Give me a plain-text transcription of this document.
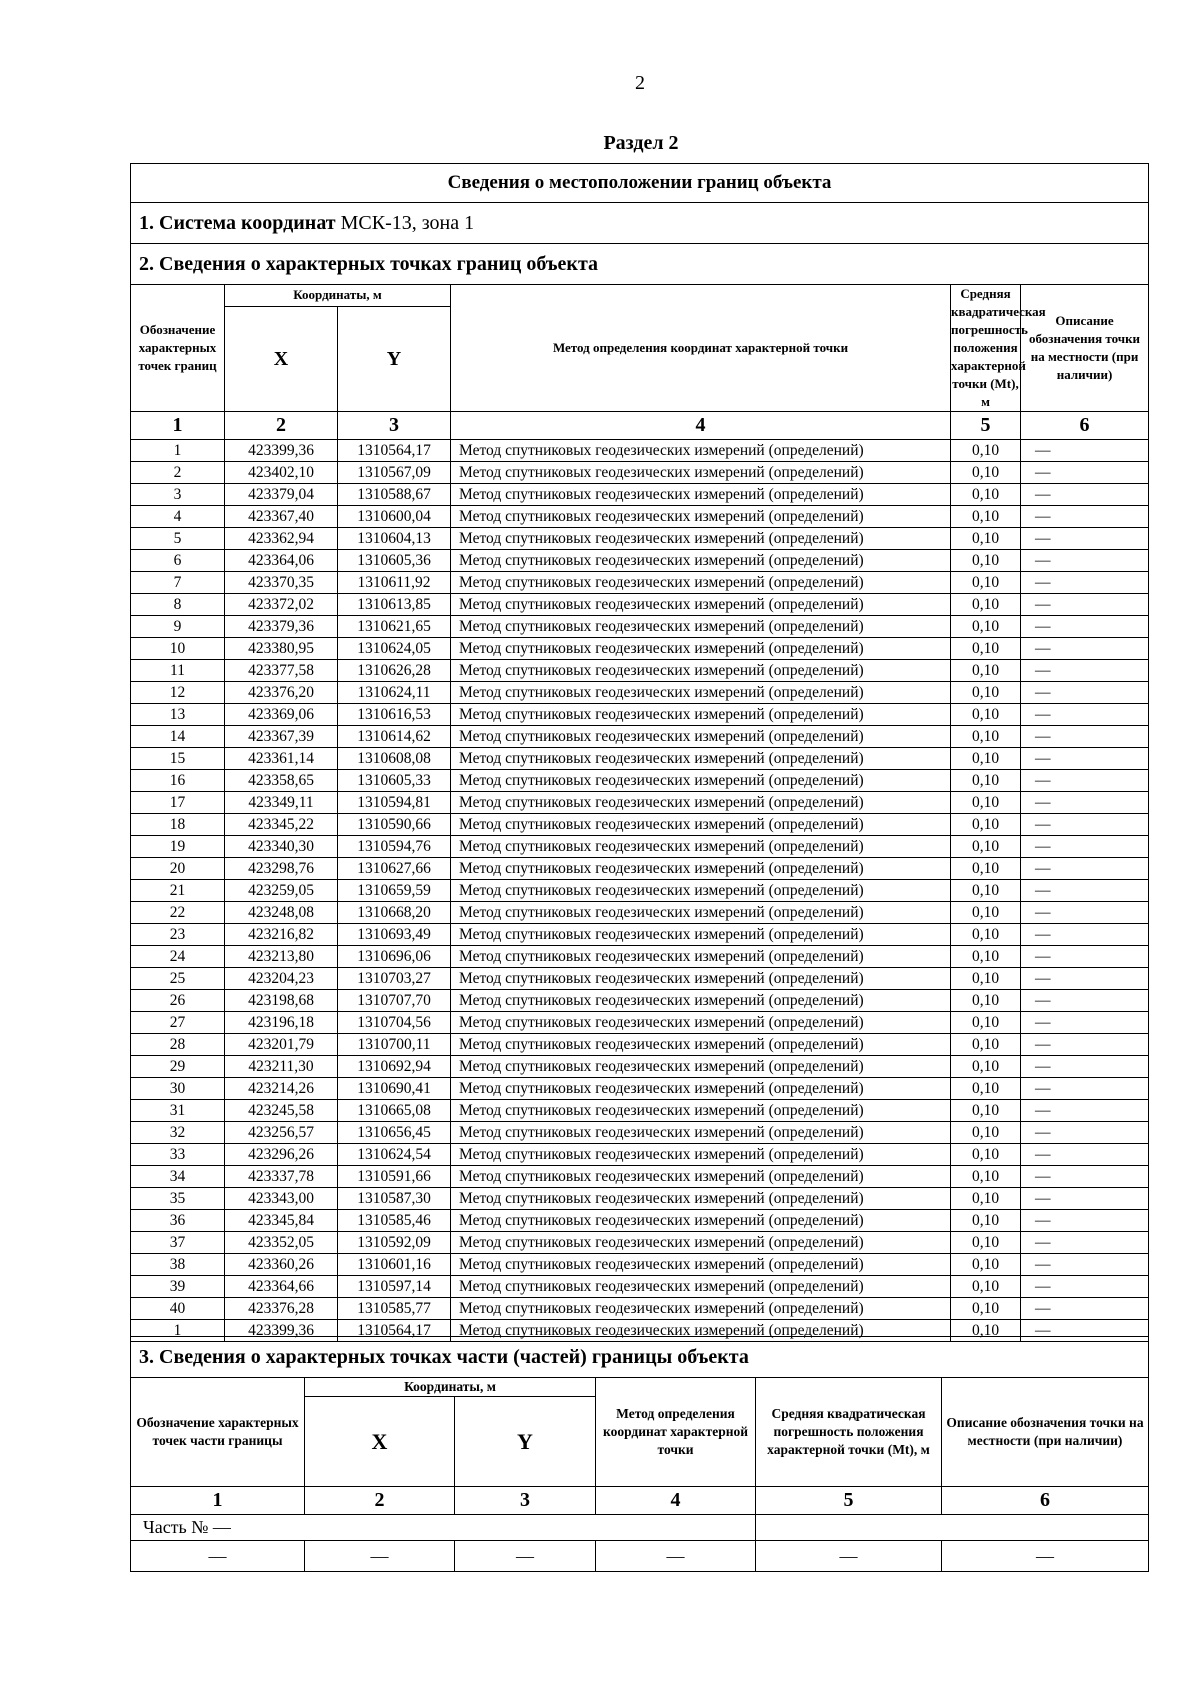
2
Раздел 2
Сведения о местоположении границ объекта					
1. Система координат МСК-13, зона 1					
2. Сведения о характерных точках границ объекта					
Обозначение характерных точек границ	Координаты, м		Метод определения координат характерной точки	Средняя квадратическая погрешность положения характерной точки (Mt), м	Описание обозначения точки на местности (при наличии)
	X	Y			
1	2	3	4	5	6
1	423399,36	1310564,17	Метод спутниковых геодезических измерений (определений)	0,10	—
2	423402,10	1310567,09	Метод спутниковых геодезических измерений (определений)	0,10	—
3	423379,04	1310588,67	Метод спутниковых геодезических измерений (определений)	0,10	—
4	423367,40	1310600,04	Метод спутниковых геодезических измерений (определений)	0,10	—
5	423362,94	1310604,13	Метод спутниковых геодезических измерений (определений)	0,10	—
6	423364,06	1310605,36	Метод спутниковых геодезических измерений (определений)	0,10	—
7	423370,35	1310611,92	Метод спутниковых геодезических измерений (определений)	0,10	—
8	423372,02	1310613,85	Метод спутниковых геодезических измерений (определений)	0,10	—
9	423379,36	1310621,65	Метод спутниковых геодезических измерений (определений)	0,10	—
10	423380,95	1310624,05	Метод спутниковых геодезических измерений (определений)	0,10	—
11	423377,58	1310626,28	Метод спутниковых геодезических измерений (определений)	0,10	—
12	423376,20	1310624,11	Метод спутниковых геодезических измерений (определений)	0,10	—
13	423369,06	1310616,53	Метод спутниковых геодезических измерений (определений)	0,10	—
14	423367,39	1310614,62	Метод спутниковых геодезических измерений (определений)	0,10	—
15	423361,14	1310608,08	Метод спутниковых геодезических измерений (определений)	0,10	—
16	423358,65	1310605,33	Метод спутниковых геодезических измерений (определений)	0,10	—
17	423349,11	1310594,81	Метод спутниковых геодезических измерений (определений)	0,10	—
18	423345,22	1310590,66	Метод спутниковых геодезических измерений (определений)	0,10	—
19	423340,30	1310594,76	Метод спутниковых геодезических измерений (определений)	0,10	—
20	423298,76	1310627,66	Метод спутниковых геодезических измерений (определений)	0,10	—
21	423259,05	1310659,59	Метод спутниковых геодезических измерений (определений)	0,10	—
22	423248,08	1310668,20	Метод спутниковых геодезических измерений (определений)	0,10	—
23	423216,82	1310693,49	Метод спутниковых геодезических измерений (определений)	0,10	—
24	423213,80	1310696,06	Метод спутниковых геодезических измерений (определений)	0,10	—
25	423204,23	1310703,27	Метод спутниковых геодезических измерений (определений)	0,10	—
26	423198,68	1310707,70	Метод спутниковых геодезических измерений (определений)	0,10	—
27	423196,18	1310704,56	Метод спутниковых геодезических измерений (определений)	0,10	—
28	423201,79	1310700,11	Метод спутниковых геодезических измерений (определений)	0,10	—
29	423211,30	1310692,94	Метод спутниковых геодезических измерений (определений)	0,10	—
30	423214,26	1310690,41	Метод спутниковых геодезических измерений (определений)	0,10	—
31	423245,58	1310665,08	Метод спутниковых геодезических измерений (определений)	0,10	—
32	423256,57	1310656,45	Метод спутниковых геодезических измерений (определений)	0,10	—
33	423296,26	1310624,54	Метод спутниковых геодезических измерений (определений)	0,10	—
34	423337,78	1310591,66	Метод спутниковых геодезических измерений (определений)	0,10	—
35	423343,00	1310587,30	Метод спутниковых геодезических измерений (определений)	0,10	—
36	423345,84	1310585,46	Метод спутниковых геодезических измерений (определений)	0,10	—
37	423352,05	1310592,09	Метод спутниковых геодезических измерений (определений)	0,10	—
38	423360,26	1310601,16	Метод спутниковых геодезических измерений (определений)	0,10	—
39	423364,66	1310597,14	Метод спутниковых геодезических измерений (определений)	0,10	—
40	423376,28	1310585,77	Метод спутниковых геодезических измерений (определений)	0,10	—
1	423399,36	1310564,17	Метод спутниковых геодезических измерений (определений)	0,10	—
3. Сведения о характерных точках части (частей) границы объекта					
Обозначение характерных точек части границы	Координаты, м		Метод определения координат характерной точки	Средняя квадратическая погрешность положения характерной точки (Mt), м	Описание обозначения точки на местности (при наличии)
	X	Y			
1	2	3	4	5	6
Часть № —					
—	—	—	—	—	—
